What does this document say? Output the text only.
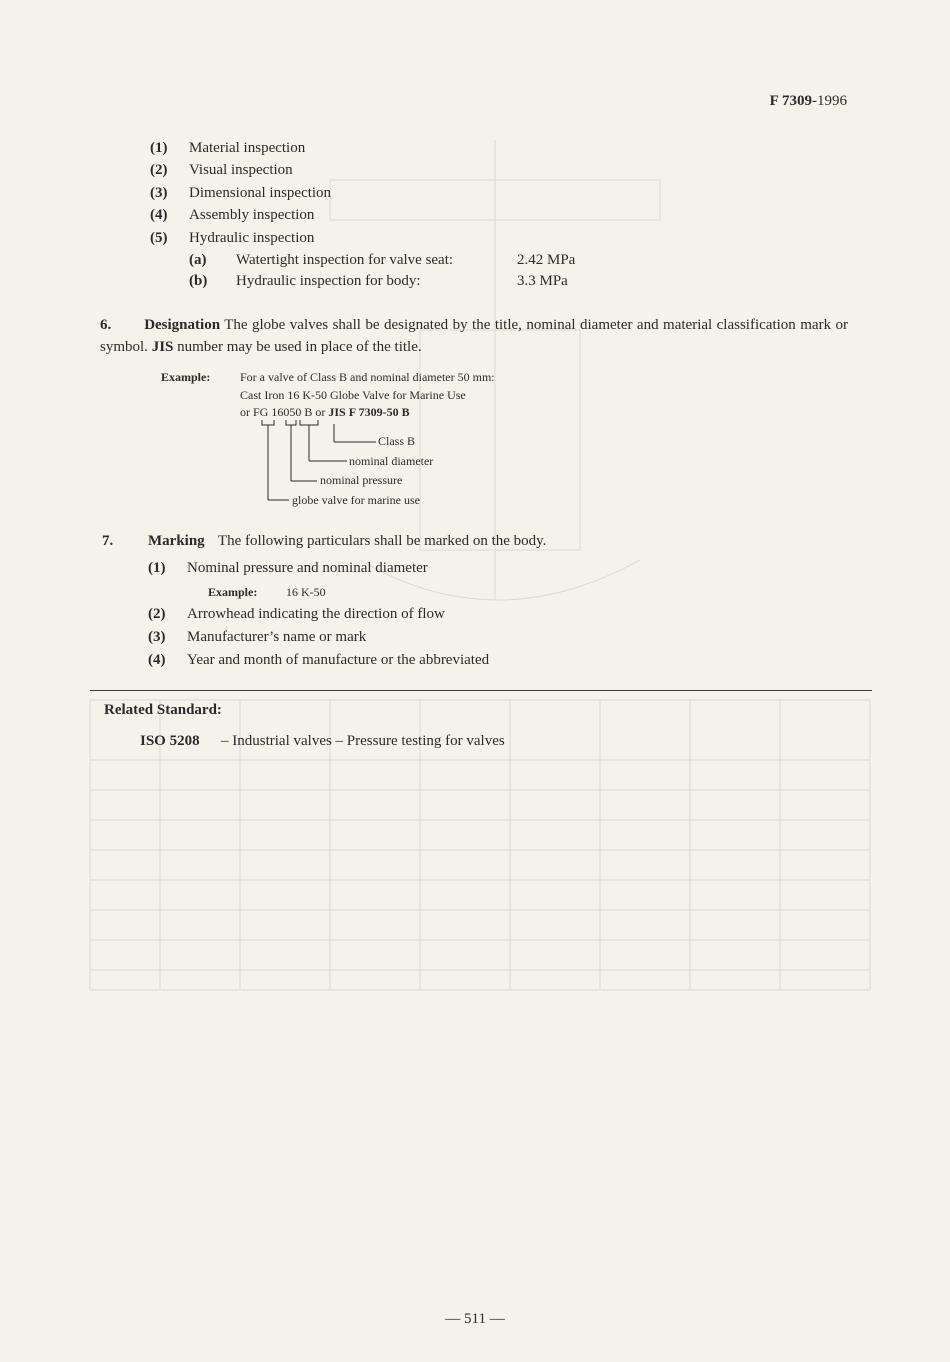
F 7309-1996
(1) Material inspection
(2) Visual inspection
(3) Dimensional inspection
(4) Assembly inspection
(5) Hydraulic inspection
(a) Watertight inspection for valve seat:	2.42 MPa
(b) Hydraulic inspection for body:	3.3 MPa
6. Designation The globe valves shall be designated by the title, nominal diameter and material classification mark or symbol. JIS number may be used in place of the title.
Example: For a valve of Class B and nominal diameter 50 mm:
Cast Iron 16 K-50 Globe Valve for Marine Use
or FG 16050 B or JIS F 7309-50 B
Class B
nominal diameter
nominal pressure
globe valve for marine use
7. Marking The following particulars shall be marked on the body.
(1) Nominal pressure and nominal diameter
Example: 16 K-50
(2) Arrowhead indicating the direction of flow
(3) Manufacturer’s name or mark
(4) Year and month of manufacture or the abbreviated
Related Standard:
ISO 5208 – Industrial valves – Pressure testing for valves
— 511 —
